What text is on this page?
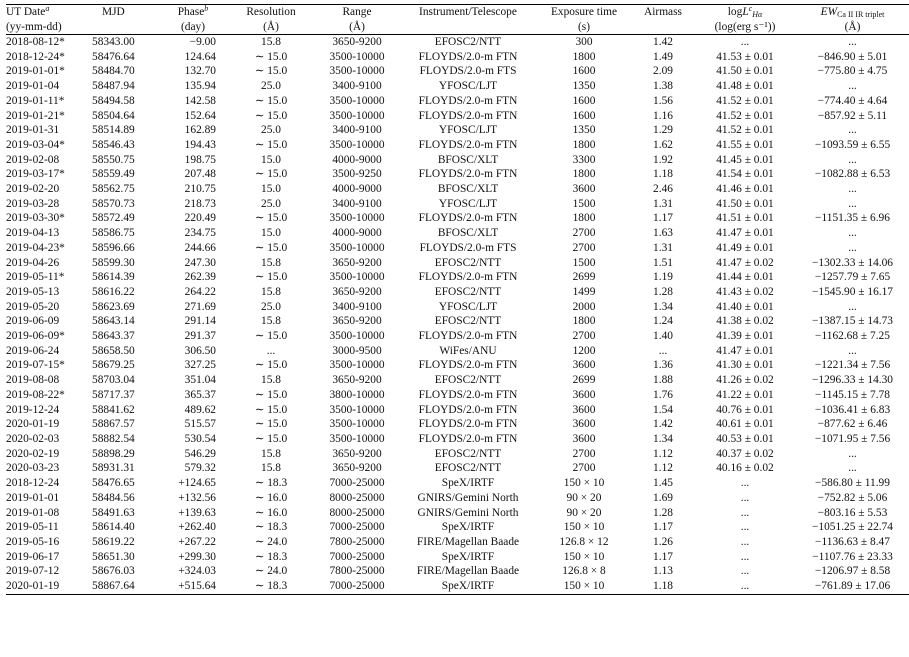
UT Date$^a$	MJD	Phase$^b$	Resolution	Range	Instrument/Telescope	Exposure time	Airmass	logL$^c_{H\alpha}$	$EW_{Ca II IR triplet}$
(yy-mm-dd)		(day)	(Å)	(Å)		(s)		(log(erg s⁻¹))	(Å)
2018-08-12*	58343.00	−9.00	15.8	3650-9200	EFOSC2/NTT	300	1.42	...	...
2018-12-24*	58476.64	124.64	∼ 15.0	3500-10000	FLOYDS/2.0-m FTN	1800	1.49	41.53 ± 0.01	−846.90 ± 5.01
2019-01-01*	58484.70	132.70	∼ 15.0	3500-10000	FLOYDS/2.0-m FTS	1600	2.09	41.50 ± 0.01	−775.80 ± 4.75
2019-01-04	58487.94	135.94	25.0	3400-9100	YFOSC/LJT	1350	1.38	41.48 ± 0.01	...
2019-01-11*	58494.58	142.58	∼ 15.0	3500-10000	FLOYDS/2.0-m FTN	1600	1.56	41.52 ± 0.01	−774.40 ± 4.64
2019-01-21*	58504.64	152.64	∼ 15.0	3500-10000	FLOYDS/2.0-m FTN	1600	1.16	41.52 ± 0.01	−857.92 ± 5.11
2019-01-31	58514.89	162.89	25.0	3400-9100	YFOSC/LJT	1350	1.29	41.52 ± 0.01	...
2019-03-04*	58546.43	194.43	∼ 15.0	3500-10000	FLOYDS/2.0-m FTN	1800	1.62	41.55 ± 0.01	−1093.59 ± 6.55
2019-02-08	58550.75	198.75	15.0	4000-9000	BFOSC/XLT	3300	1.92	41.45 ± 0.01	...
2019-03-17*	58559.49	207.48	∼ 15.0	3500-9250	FLOYDS/2.0-m FTN	1800	1.18	41.54 ± 0.01	−1082.88 ± 6.53
2019-02-20	58562.75	210.75	15.0	4000-9000	BFOSC/XLT	3600	2.46	41.46 ± 0.01	...
2019-03-28	58570.73	218.73	25.0	3400-9100	YFOSC/LJT	1500	1.31	41.50 ± 0.01	...
2019-03-30*	58572.49	220.49	∼ 15.0	3500-10000	FLOYDS/2.0-m FTN	1800	1.17	41.51 ± 0.01	−1151.35 ± 6.96
2019-04-13	58586.75	234.75	15.0	4000-9000	BFOSC/XLT	2700	1.63	41.47 ± 0.01	...
2019-04-23*	58596.66	244.66	∼ 15.0	3500-10000	FLOYDS/2.0-m FTS	2700	1.31	41.49 ± 0.01	...
2019-04-26	58599.30	247.30	15.8	3650-9200	EFOSC2/NTT	1500	1.51	41.47 ± 0.02	−1302.33 ± 14.06
2019-05-11*	58614.39	262.39	∼ 15.0	3500-10000	FLOYDS/2.0-m FTN	2699	1.19	41.44 ± 0.01	−1257.79 ± 7.65
2019-05-13	58616.22	264.22	15.8	3650-9200	EFOSC2/NTT	1499	1.28	41.43 ± 0.02	−1545.90 ± 16.17
2019-05-20	58623.69	271.69	25.0	3400-9100	YFOSC/LJT	2000	1.34	41.40 ± 0.01	...
2019-06-09	58643.14	291.14	15.8	3650-9200	EFOSC2/NTT	1800	1.24	41.38 ± 0.02	−1387.15 ± 14.73
2019-06-09*	58643.37	291.37	∼ 15.0	3500-10000	FLOYDS/2.0-m FTN	2700	1.40	41.39 ± 0.01	−1162.68 ± 7.25
2019-06-24	58658.50	306.50	...	3000-9500	WiFes/ANU	1200	...	41.47 ± 0.01	...
2019-07-15*	58679.25	327.25	∼ 15.0	3500-10000	FLOYDS/2.0-m FTN	3600	1.36	41.30 ± 0.01	−1221.34 ± 7.56
2019-08-08	58703.04	351.04	15.8	3650-9200	EFOSC2/NTT	2699	1.88	41.26 ± 0.02	−1296.33 ± 14.30
2019-08-22*	58717.37	365.37	∼ 15.0	3800-10000	FLOYDS/2.0-m FTN	3600	1.76	41.22 ± 0.01	−1145.15 ± 7.78
2019-12-24	58841.62	489.62	∼ 15.0	3500-10000	FLOYDS/2.0-m FTN	3600	1.54	40.76 ± 0.01	−1036.41 ± 6.83
2020-01-19	58867.57	515.57	∼ 15.0	3500-10000	FLOYDS/2.0-m FTN	3600	1.42	40.61 ± 0.01	−877.62 ± 6.46
2020-02-03	58882.54	530.54	∼ 15.0	3500-10000	FLOYDS/2.0-m FTN	3600	1.34	40.53 ± 0.01	−1071.95 ± 7.56
2020-02-19	58898.29	546.29	15.8	3650-9200	EFOSC2/NTT	2700	1.12	40.37 ± 0.02	...
2020-03-23	58931.31	579.32	15.8	3650-9200	EFOSC2/NTT	2700	1.12	40.16 ± 0.02	...
2018-12-24	58476.65	+124.65	∼ 18.3	7000-25000	SpeX/IRTF	150 × 10	1.45	...	−586.80 ± 11.99
2019-01-01	58484.56	+132.56	∼ 16.0	8000-25000	GNIRS/Gemini North	90 × 20	1.69	...	−752.82 ± 5.06
2019-01-08	58491.63	+139.63	∼ 16.0	8000-25000	GNIRS/Gemini North	90 × 20	1.28	...	−803.16 ± 5.53
2019-05-11	58614.40	+262.40	∼ 18.3	7000-25000	SpeX/IRTF	150 × 10	1.17	...	−1051.25 ± 22.74
2019-05-16	58619.22	+267.22	∼ 24.0	7800-25000	FIRE/Magellan Baade	126.8 × 12	1.26	...	−1136.63 ± 8.47
2019-06-17	58651.30	+299.30	∼ 18.3	7000-25000	SpeX/IRTF	150 × 10	1.17	...	−1107.76 ± 23.33
2019-07-12	58676.03	+324.03	∼ 24.0	7800-25000	FIRE/Magellan Baade	126.8 × 8	1.13	...	−1206.97 ± 8.58
2020-01-19	58867.64	+515.64	∼ 18.3	7000-25000	SpeX/IRTF	150 × 10	1.18	...	−761.89 ± 17.06
